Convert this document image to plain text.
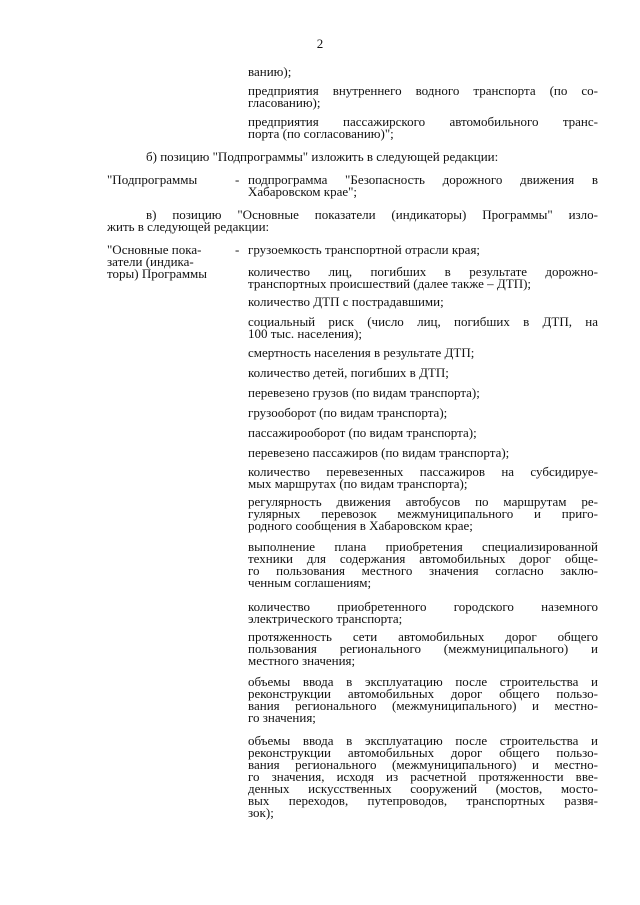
2
ванию);
предприятия внутреннего водного транспорта (по со-
гласованию);
предприятия пассажирского автомобильного транс-
порта (по согласованию)";
б) позицию "Подпрограммы" изложить в следующей редакции:
"Подпрограммы	- подпрограмма "Безопасность дорожного движения в
Хабаровском крае";
в) позицию "Основные показатели (индикаторы) Программы" изло-
жить в следующей редакции:
"Основные пока-
затели (индика-
торы) Программы
- грузоемкость транспортной отрасли края;
количество лиц, погибших в результате дорожно-
транспортных происшествий (далее также – ДТП);
количество ДТП с пострадавшими;
социальный риск (число лиц, погибших в ДТП, на
100 тыс. населения);
смертность населения в результате ДТП;
количество детей, погибших в ДТП;
перевезено грузов (по видам транспорта);
грузооборот (по видам транспорта);
пассажирооборот (по видам транспорта);
перевезено пассажиров (по видам транспорта);
количество перевезенных пассажиров на субсидируе-
мых маршрутах (по видам транспорта);
регулярность движения автобусов по маршрутам ре-
гулярных перевозок межмуниципального и приго-
родного сообщения в Хабаровском крае;
выполнение плана приобретения специализированной
техники для содержания автомобильных дорог обще-
го пользования местного значения согласно заклю-
ченным соглашениям;
количество приобретенного городского наземного
электрического транспорта;
протяженность сети автомобильных дорог общего
пользования регионального (межмуниципального) и
местного значения;
объемы ввода в эксплуатацию после строительства и
реконструкции автомобильных дорог общего пользо-
вания регионального (межмуниципального) и местно-
го значения;
объемы ввода в эксплуатацию после строительства и
реконструкции автомобильных дорог общего пользо-
вания регионального (межмуниципального) и местно-
го значения, исходя из расчетной протяженности вве-
денных искусственных сооружений (мостов, мосто-
вых переходов, путепроводов, транспортных развя-
зок);
